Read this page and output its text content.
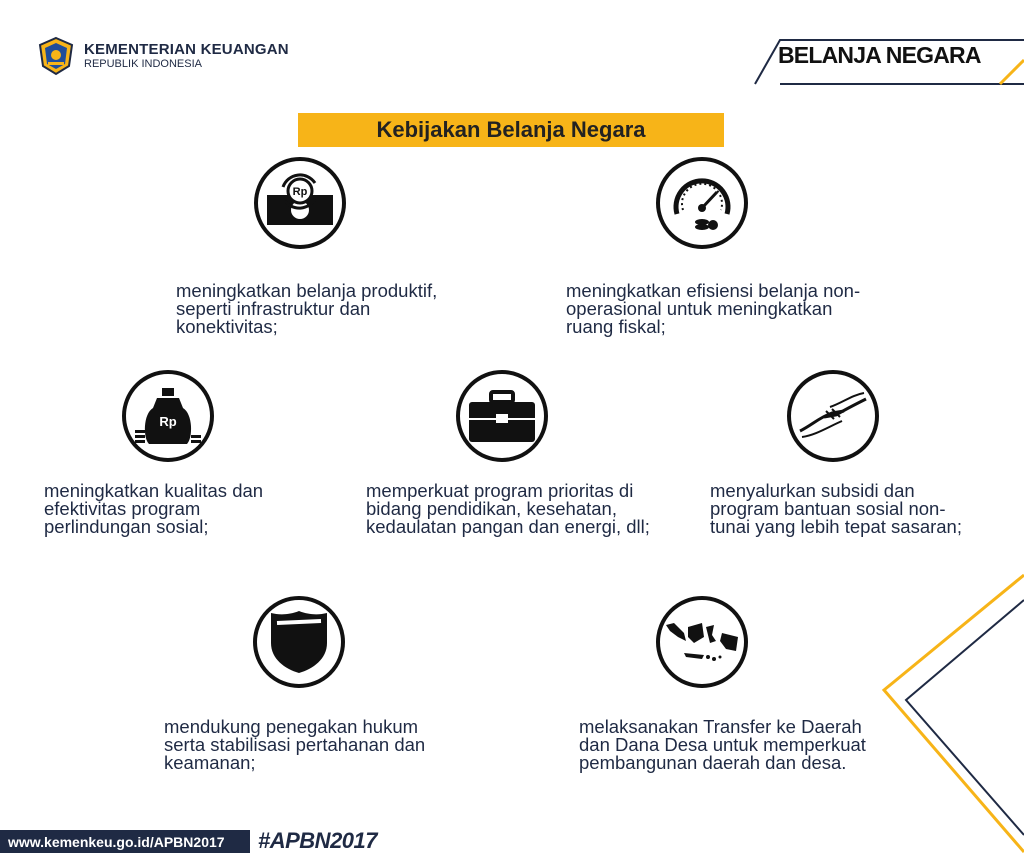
KEMENTERIAN KEUANGAN
REPUBLIK INDONESIA	BELANJA NEGARA
Kebijakan Belanja Negara
Rp
meningkatkan belanja produktif, seperti infrastruktur dan konektivitas;
meningkatkan efisiensi belanja non-operasional untuk meningkatkan ruang fiskal;
Rp
meningkatkan kualitas dan efektivitas program perlindungan sosial;
memperkuat program prioritas di bidang pendidikan, kesehatan, kedaulatan pangan dan energi, dll;
menyalurkan subsidi dan program bantuan sosial non-tunai yang lebih tepat sasaran;
mendukung penegakan hukum serta stabilisasi pertahanan dan keamanan;
melaksanakan Transfer ke Daerah dan Dana Desa untuk memperkuat pembangunan daerah dan desa.
www.kemenkeu.go.id/APBN2017	#APBN2017
